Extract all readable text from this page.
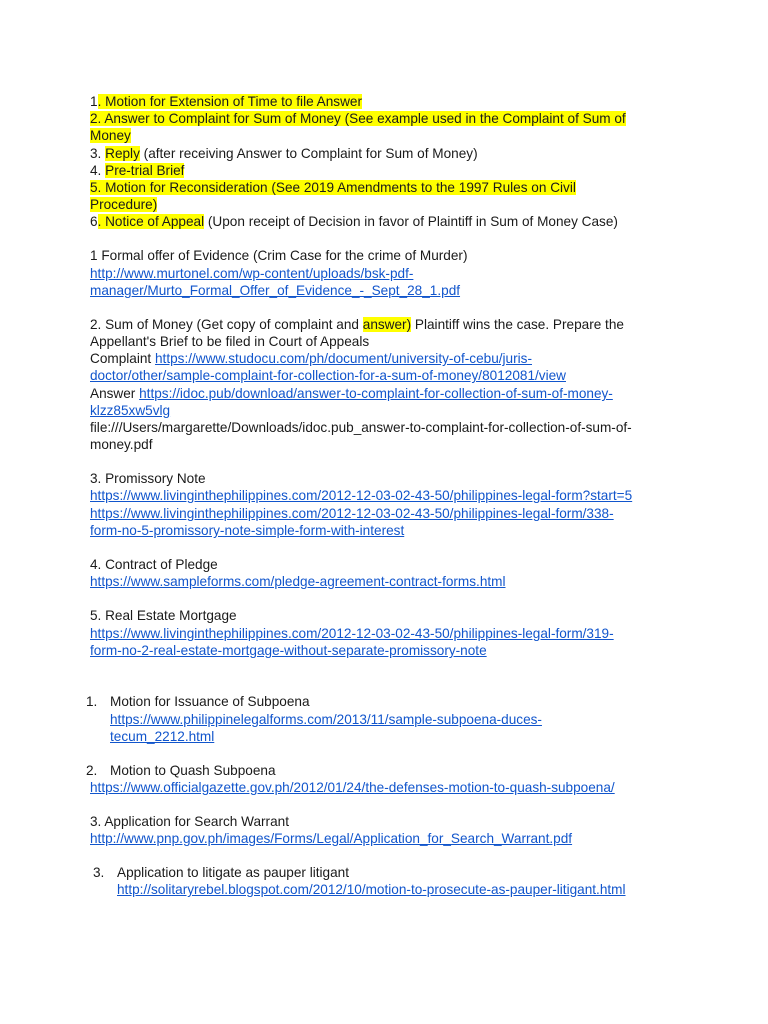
1. Motion for Extension of Time to file Answer
2. Answer to Complaint for Sum of Money (See example used in the Complaint of Sum of
Money
3. Reply (after receiving Answer to Complaint for Sum of Money)
4. Pre-trial Brief
5. Motion for Reconsideration (See 2019 Amendments to the 1997 Rules on Civil
Procedure)
6. Notice of Appeal (Upon receipt of Decision in favor of Plaintiff in Sum of Money Case)
1 Formal offer of Evidence (Crim Case for the crime of Murder)
http://www.murtonel.com/wp-content/uploads/bsk-pdf-
manager/Murto_Formal_Offer_of_Evidence_-_Sept_28_1.pdf
2. Sum of Money (Get copy of complaint and answer) Plaintiff wins the case. Prepare the
Appellant's Brief to be filed in Court of Appeals
Complaint https://www.studocu.com/ph/document/university-of-cebu/juris-
doctor/other/sample-complaint-for-collection-for-a-sum-of-money/8012081/view
Answer https://idoc.pub/download/answer-to-complaint-for-collection-of-sum-of-money-
klzz85xw5vlg
file:///Users/margarette/Downloads/idoc.pub_answer-to-complaint-for-collection-of-sum-of-
money.pdf
3. Promissory Note
https://www.livinginthephilippines.com/2012-12-03-02-43-50/philippines-legal-form?start=5
https://www.livinginthephilippines.com/2012-12-03-02-43-50/philippines-legal-form/338-
form-no-5-promissory-note-simple-form-with-interest
4. Contract of Pledge
https://www.sampleforms.com/pledge-agreement-contract-forms.html
5. Real Estate Mortgage
https://www.livinginthephilippines.com/2012-12-03-02-43-50/philippines-legal-form/319-
form-no-2-real-estate-mortgage-without-separate-promissory-note
1. Motion for Issuance of Subpoena
https://www.philippinelegalforms.com/2013/11/sample-subpoena-duces-
tecum_2212.html
2. Motion to Quash Subpoena
https://www.officialgazette.gov.ph/2012/01/24/the-defenses-motion-to-quash-subpoena/
3. Application for Search Warrant
http://www.pnp.gov.ph/images/Forms/Legal/Application_for_Search_Warrant.pdf
3. Application to litigate as pauper litigant
http://solitaryrebel.blogspot.com/2012/10/motion-to-prosecute-as-pauper-litigant.html
